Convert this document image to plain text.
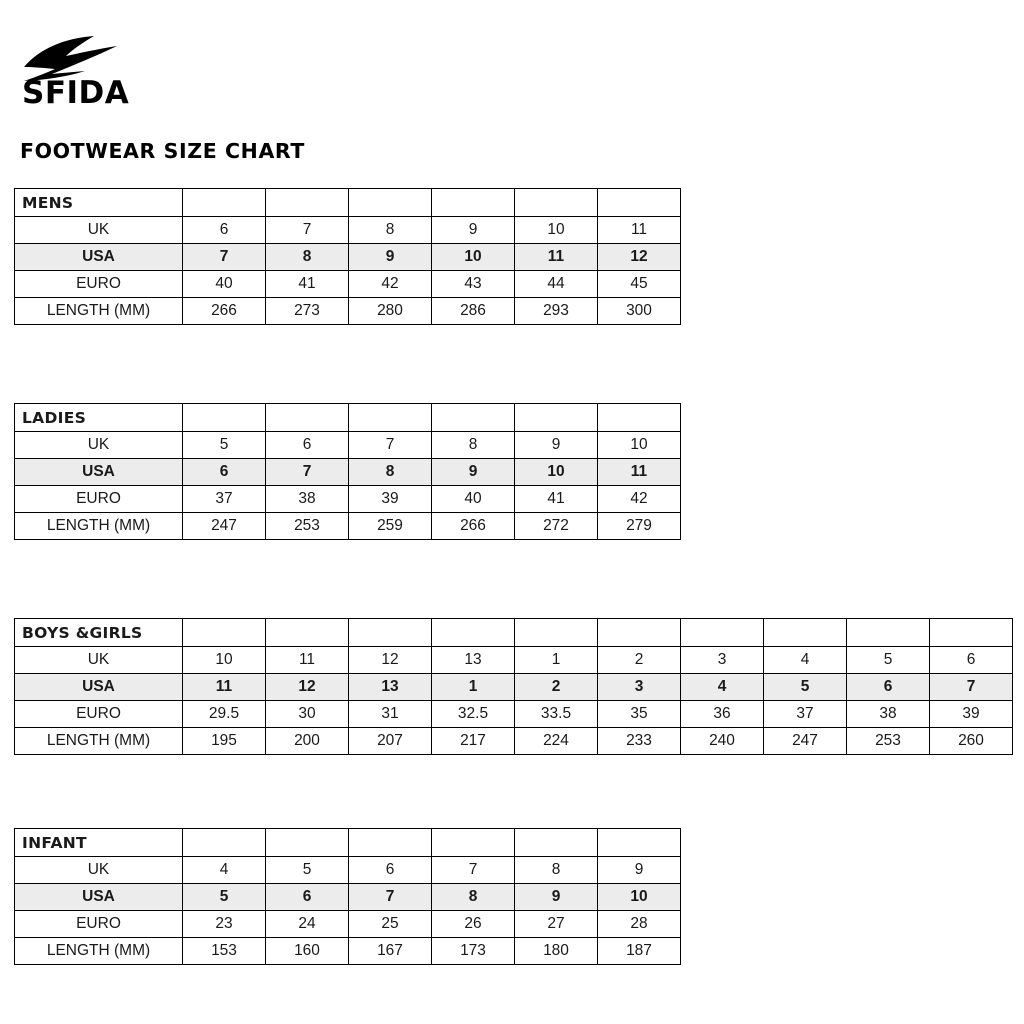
SFIDA
FOOTWEAR SIZE CHART
MENS						
UK	6	7	8	9	10	11
USA	7	8	9	10	11	12
EURO	40	41	42	43	44	45
LENGTH (MM)	266	273	280	286	293	300
LADIES						
UK	5	6	7	8	9	10
USA	6	7	8	9	10	11
EURO	37	38	39	40	41	42
LENGTH (MM)	247	253	259	266	272	279
BOYS &GIRLS										
UK	10	11	12	13	1	2	3	4	5	6
USA	11	12	13	1	2	3	4	5	6	7
EURO	29.5	30	31	32.5	33.5	35	36	37	38	39
LENGTH (MM)	195	200	207	217	224	233	240	247	253	260
INFANT						
UK	4	5	6	7	8	9
USA	5	6	7	8	9	10
EURO	23	24	25	26	27	28
LENGTH (MM)	153	160	167	173	180	187
